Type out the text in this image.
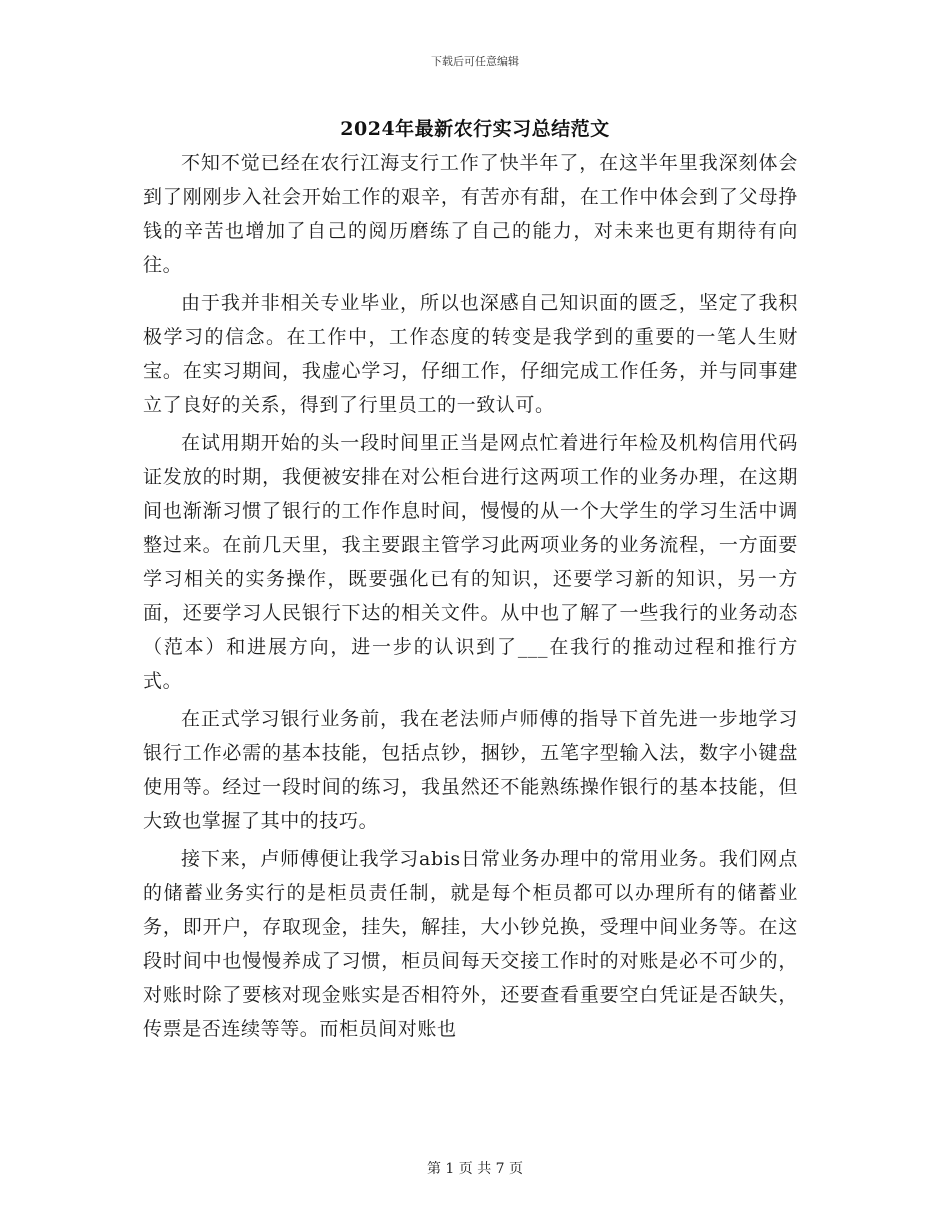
下载后可任意编辑
2024年最新农行实习总结范文

不知不觉已经在农行江海支行工作了快半年了，在这半年里我深刻体会到了刚刚步入社会开始工作的艰辛，有苦亦有甜，在工作中体会到了父母挣钱的辛苦也增加了自己的阅历磨练了自己的能力，对未来也更有期待有向往。

由于我并非相关专业毕业，所以也深感自己知识面的匮乏，坚定了我积极学习的信念。在工作中，工作态度的转变是我学到的重要的一笔人生财宝。在实习期间，我虚心学习，仔细工作，仔细完成工作任务，并与同事建立了良好的关系，得到了行里员工的一致认可。

在试用期开始的头一段时间里正当是网点忙着进行年检及机构信用代码证发放的时期，我便被安排在对公柜台进行这两项工作的业务办理，在这期间也渐渐习惯了银行的工作作息时间，慢慢的从一个大学生的学习生活中调整过来。在前几天里，我主要跟主管学习此两项业务的业务流程，一方面要学习相关的实务操作，既要强化已有的知识，还要学习新的知识，另一方面，还要学习人民银行下达的相关文件。从中也了解了一些我行的业务动态（范本）和进展方向，进一步的认识到了___在我行的推动过程和推行方式。

在正式学习银行业务前，我在老法师卢师傅的指导下首先进一步地学习银行工作必需的基本技能，包括点钞，捆钞，五笔字型输入法，数字小键盘使用等。经过一段时间的练习，我虽然还不能熟练操作银行的基本技能，但大致也掌握了其中的技巧。

接下来，卢师傅便让我学习abis日常业务办理中的常用业务。我们网点的储蓄业务实行的是柜员责任制，就是每个柜员都可以办理所有的储蓄业务，即开户，存取现金，挂失，解挂，大小钞兑换，受理中间业务等。在这段时间中也慢慢养成了习惯，柜员间每天交接工作时的对账是必不可少的，对账时除了要核对现金账实是否相符外，还要查看重要空白凭证是否缺失，传票是否连续等等。而柜员间对账也

第 1 页 共 7 页
